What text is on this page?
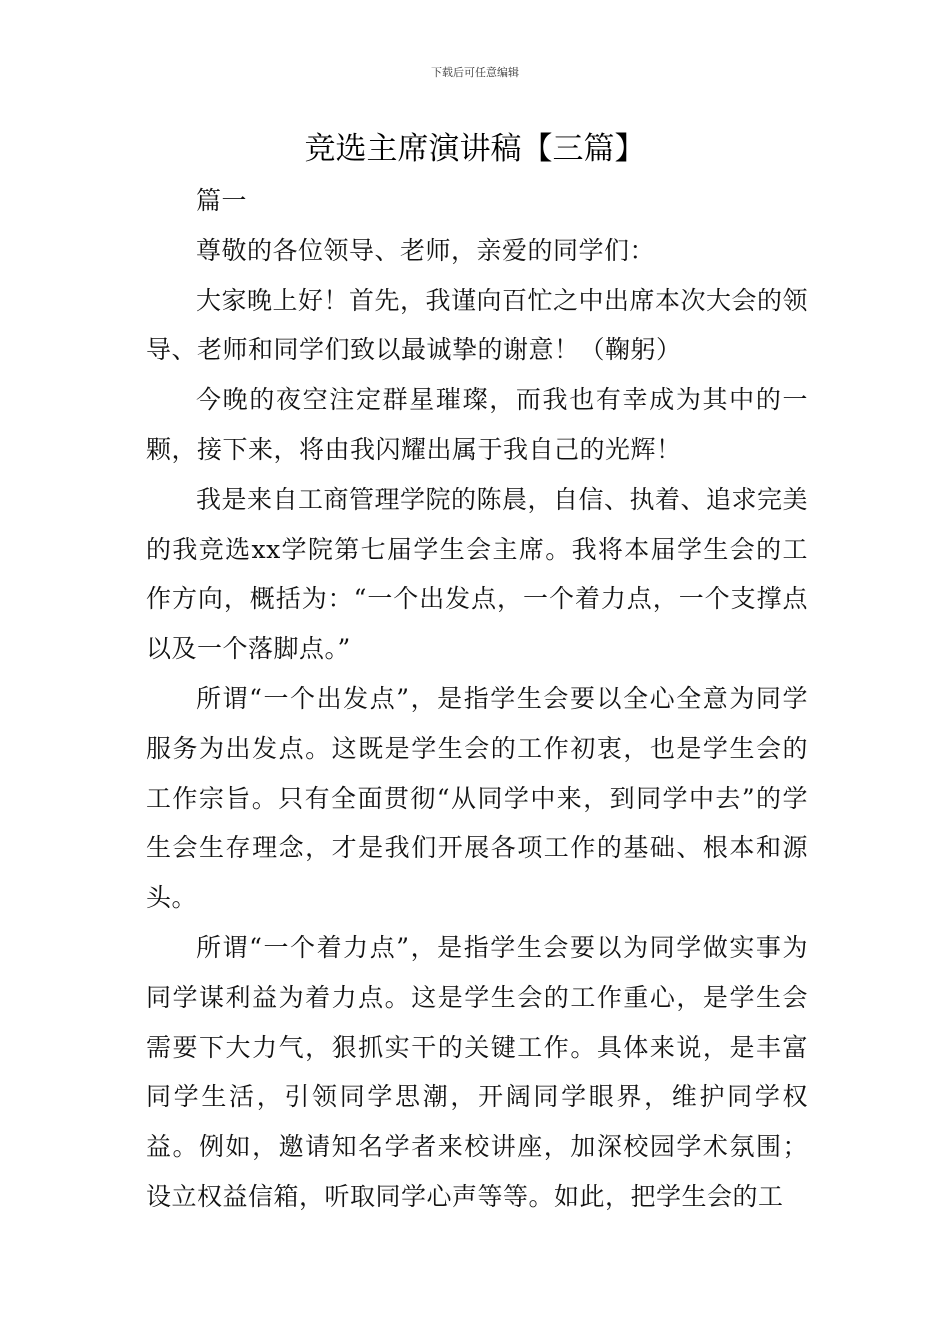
下载后可任意编辑
竞选主席演讲稿【三篇】

篇一

尊敬的各位领导、老师，亲爱的同学们：

大家晚上好！首先，我谨向百忙之中出席本次大会的领导、老师和同学们致以最诚挚的谢意！（鞠躬）

今晚的夜空注定群星璀璨，而我也有幸成为其中的一颗，接下来，将由我闪耀出属于我自己的光辉！

我是来自工商管理学院的陈晨，自信、执着、追求完美的我竞选xx学院第七届学生会主席。我将本届学生会的工作方向，概括为：“一个出发点，一个着力点，一个支撑点以及一个落脚点。”

所谓“一个出发点”，是指学生会要以全心全意为同学服务为出发点。这既是学生会的工作初衷，也是学生会的工作宗旨。只有全面贯彻“从同学中来，到同学中去”的学生会生存理念，才是我们开展各项工作的基础、根本和源头。

所谓“一个着力点”，是指学生会要以为同学做实事为同学谋利益为着力点。这是学生会的工作重心，是学生会需要下大力气，狠抓实干的关键工作。具体来说，是丰富同学生活，引领同学思潮，开阔同学眼界，维护同学权益。例如，邀请知名学者来校讲座，加深校园学术氛围；设立权益信箱，听取同学心声等等。如此，把学生会的工
